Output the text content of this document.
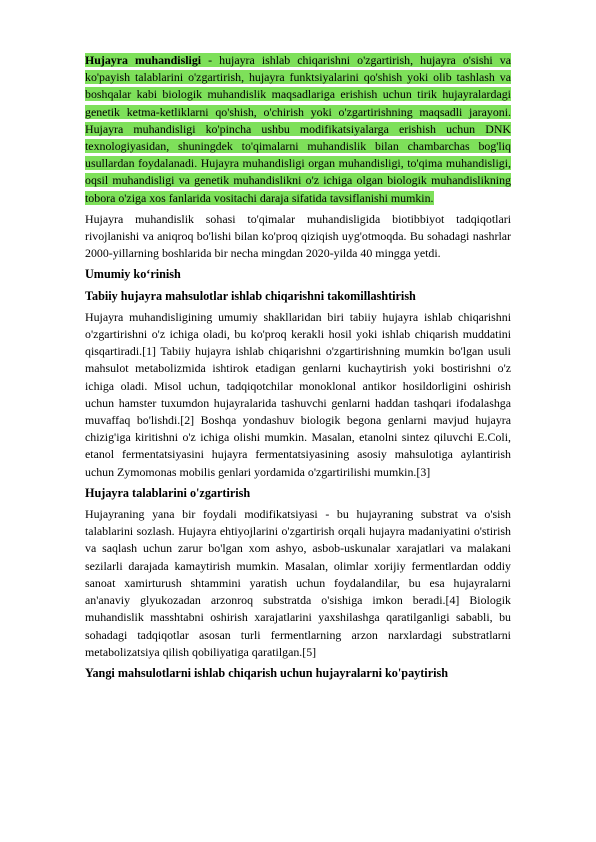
Hujayra muhandisligi - hujayra ishlab chiqarishni o'zgartirish, hujayra o'sishi va ko'payish talablarini o'zgartirish, hujayra funktsiyalarini qo'shish yoki olib tashlash va boshqalar kabi biologik muhandislik maqsadlariga erishish uchun tirik hujayralardagi genetik ketma-ketliklarni qo'shish, o'chirish yoki o'zgartirishning maqsadli jarayoni. Hujayra muhandisligi ko'pincha ushbu modifikatsiyalarga erishish uchun DNK texnologiyasidan, shuningdek to'qimalarni muhandislik bilan chambarchas bog'liq usullardan foydalanadi. Hujayra muhandisligi organ muhandisligi, to'qima muhandisligi, oqsil muhandisligi va genetik muhandislikni o'z ichiga olgan biologik muhandislikning tobora o'ziga xos fanlarida vositachi daraja sifatida tavsiflanishi mumkin.

Hujayra muhandislik sohasi to'qimalar muhandisligida biotibbiyot tadqiqotlari rivojlanishi va aniqroq bo'lishi bilan ko'proq qiziqish uyg'otmoqda. Bu sohadagi nashrlar 2000-yillarning boshlarida bir necha mingdan 2020-yilda 40 mingga yetdi.

Umumiy koʻrinish
Tabiiy hujayra mahsulotlar ishlab chiqarishni takomillashtirish

Hujayra muhandisligining umumiy shakllaridan biri tabiiy hujayra ishlab chiqarishni o'zgartirishni o'z ichiga oladi, bu ko'proq kerakli hosil yoki ishlab chiqarish muddatini qisqartiradi.[1] Tabiiy hujayra ishlab chiqarishni o'zgartirishning mumkin bo'lgan usuli mahsulot metabolizmida ishtirok etadigan genlarni kuchaytirish yoki bostirishni o'z ichiga oladi. Misol uchun, tadqiqotchilar monoklonal antikor hosildorligini oshirish uchun hamster tuxumdon hujayralarida tashuvchi genlarni haddan tashqari ifodalashga muvaffaq bo'lishdi.[2] Boshqa yondashuv biologik begona genlarni mavjud hujayra chizig'iga kiritishni o'z ichiga olishi mumkin. Masalan, etanolni sintez qiluvchi E.Coli, etanol fermentatsiyasini hujayra fermentatsiyasining asosiy mahsulotiga aylantirish uchun Zymomonas mobilis genlari yordamida o'zgartirilishi mumkin.[3]

Hujayra talablarini o'zgartirish

Hujayraning yana bir foydali modifikatsiyasi - bu hujayraning substrat va o'sish talablarini sozlash. Hujayra ehtiyojlarini o'zgartirish orqali hujayra madaniyatini o'stirish va saqlash uchun zarur bo'lgan xom ashyo, asbob-uskunalar xarajatlari va malakani sezilarli darajada kamaytirish mumkin. Masalan, olimlar xorijiy fermentlardan oddiy sanoat xamirturush shtammini yaratish uchun foydalandilar, bu esa hujayralarni an'anaviy glyukozadan arzonroq substratda o'sishiga imkon beradi.[4] Biologik muhandislik masshtabni oshirish xarajatlarini yaxshilashga qaratilganligi sababli, bu sohadagi tadqiqotlar asosan turli fermentlarning arzon narxlardagi substratlarni metabolizatsiya qilish qobiliyatiga qaratilgan.[5]

Yangi mahsulotlarni ishlab chiqarish uchun hujayralarni ko'paytirish
